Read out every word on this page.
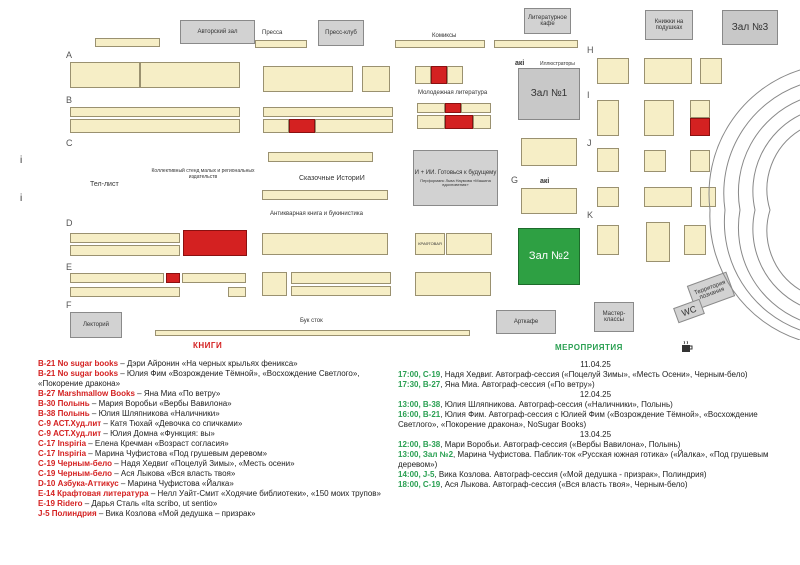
A
B
C
D
E
F
G
H
I
J
K
Авторский зал	Пресса	Пресс-клуб	Комиксы
Литературное кафе	Книжки на подушках	Зал №3
Молодежная литература
акі	Иллюстраторы
Зал №1
Тел-лист
Коллективный стенд малых и региональных издательств	Сказочные ИсториИ
Антикварная книга и букинистика
И + ИИ. Готовься к будущему
Перформанс Льва Наумова «Машина вдохновения»	акі
КРАФТОВАЯ
Зал №2
Территория познания
Лекторий
Бук сток	Арткафе
Мастер-классы
WC
i
i
КНИГИ	МЕРОПРИЯТИЯ

B-21 No sugar books – Дэри Айронин «На черных крыльях феникса»

B-21 No sugar books – Юлия Фим «Возрождение Тёмной», «Восхождение Светлого», «Покорение дракона»

B-27 Marshmallow Books – Яна Миа «По ветру»

B-30 Полынь – Мария Воробьи «Вербы Вавилона»

B-38 Полынь – Юлия Шляпникова «Наличники»

C-9 АСТ.Худ.лит – Катя Тюхай «Девочка со спичками»

C-9 АСТ.Худ.лит – Юлия Домна «Функция: вы»

C-17 Inspiria – Елена Кречман «Возраст согласия»

C-17 Inspiria – Марина Чуфистова «Под грушевым деревом»

C-19 Черным-бело – Надя Хедвиг «Поцелуй Зимы», «Месть осени»

C-19 Черным-бело – Ася Лыкова «Вся власть твоя»

D-10 Азбука-Аттикус – Марина Чуфистова «Йалка»

E-14 Крафтовая литература – Нелл Уайт-Смит «Ходячие библиотеки», «150 моих трупов»

E-19 Ridero – Дарья Сталь «Ita scribo, ut sentio»

J-5 Полиндрия – Вика Козлова «Мой дедушка – призрак»

11.04.25

17:00, C-19, Надя Хедвиг. Автограф-сессия («Поцелуй Зимы», «Месть Осени», Черным-бело)

17:30, B-27, Яна Миа. Автограф-сессия («По ветру»)

12.04.25

13:00, B-38, Юлия Шляпникова. Автограф-сессия («Наличники», Полынь)

16:00, B-21, Юлия Фим. Автограф-сессия с Юлией Фим («Возрождение Тёмной», «Восхождение Светлого», «Покорение дракона», NoSugar Books)

13.04.25

12:00, B-38, Мари Воробьи. Автограф-сессия («Вербы Вавилона», Полынь)

13:00, Зал №2, Марина Чуфистова. Паблик-ток «Русская южная готика» («Йалка», «Под грушевым деревом»)

14:00, J-5, Вика Козлова. Автограф-сессия («Мой дедушка - призрак», Полиндрия)

18:00, C-19, Ася Лыкова. Автограф-сессия («Вся власть твоя», Черным-бело)
